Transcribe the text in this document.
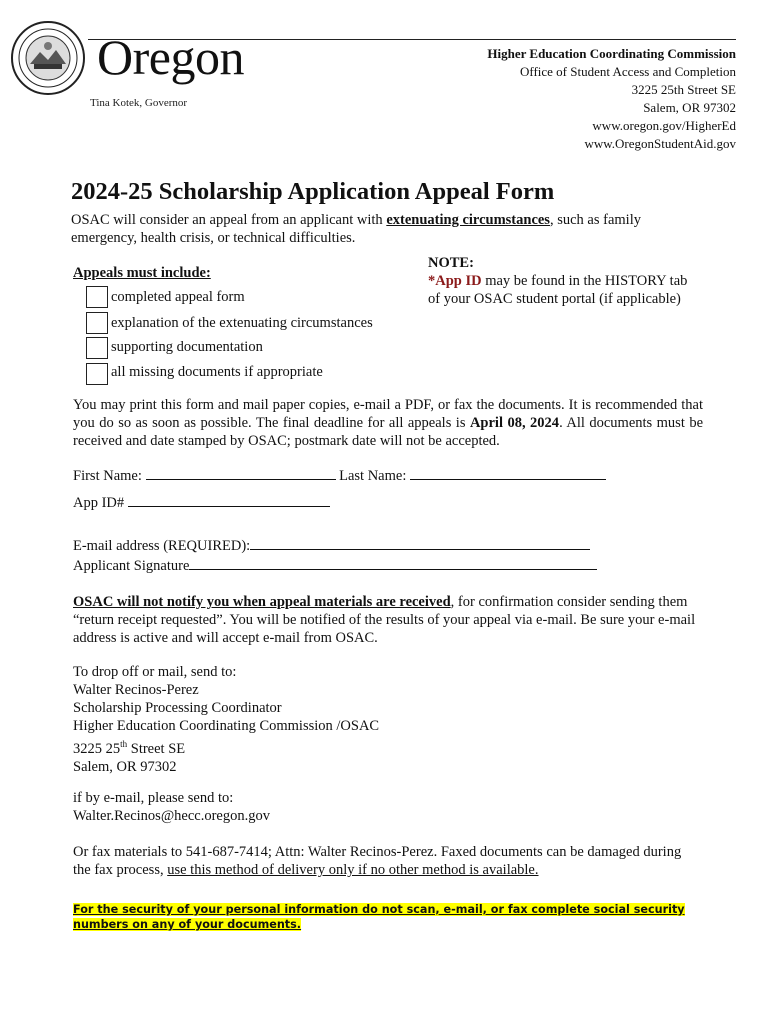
Oregon
Tina Kotek, Governor
Higher Education Coordinating Commission
Office of Student Access and Completion
3225 25th Street SE
Salem, OR 97302
www.oregon.gov/HigherEd
www.OregonStudentAid.gov
2024-25 Scholarship Application Appeal Form
OSAC will consider an appeal from an applicant with extenuating circumstances, such as family emergency, health crisis, or technical difficulties.
Appeals must include:
completed appeal form
explanation of the extenuating circumstances
supporting documentation
all missing documents if appropriate
NOTE:
*App ID may be found in the HISTORY tab of your OSAC student portal (if applicable)
You may print this form and mail paper copies, e-mail a PDF, or fax the documents. It is recommended that you do so as soon as possible. The final deadline for all appeals is April 08, 2024. All documents must be received and date stamped by OSAC; postmark date will not be accepted.
First Name:	Last Name:
App ID#
E-mail address (REQUIRED):
Applicant Signature
OSAC will not notify you when appeal materials are received, for confirmation consider sending them “return receipt requested”. You will be notified of the results of your appeal via e-mail. Be sure your e-mail address is active and will accept e-mail from OSAC.
To drop off or mail, send to:
Walter Recinos-Perez
Scholarship Processing Coordinator
Higher Education Coordinating Commission /OSAC
3225 25th Street SE
Salem, OR 97302
if by e-mail, please send to:
Walter.Recinos@hecc.oregon.gov
Or fax materials to 541-687-7414; Attn: Walter Recinos-Perez. Faxed documents can be damaged during the fax process, use this method of delivery only if no other method is available.
For the security of your personal information do not scan, e-mail, or fax complete social security numbers on any of your documents.
